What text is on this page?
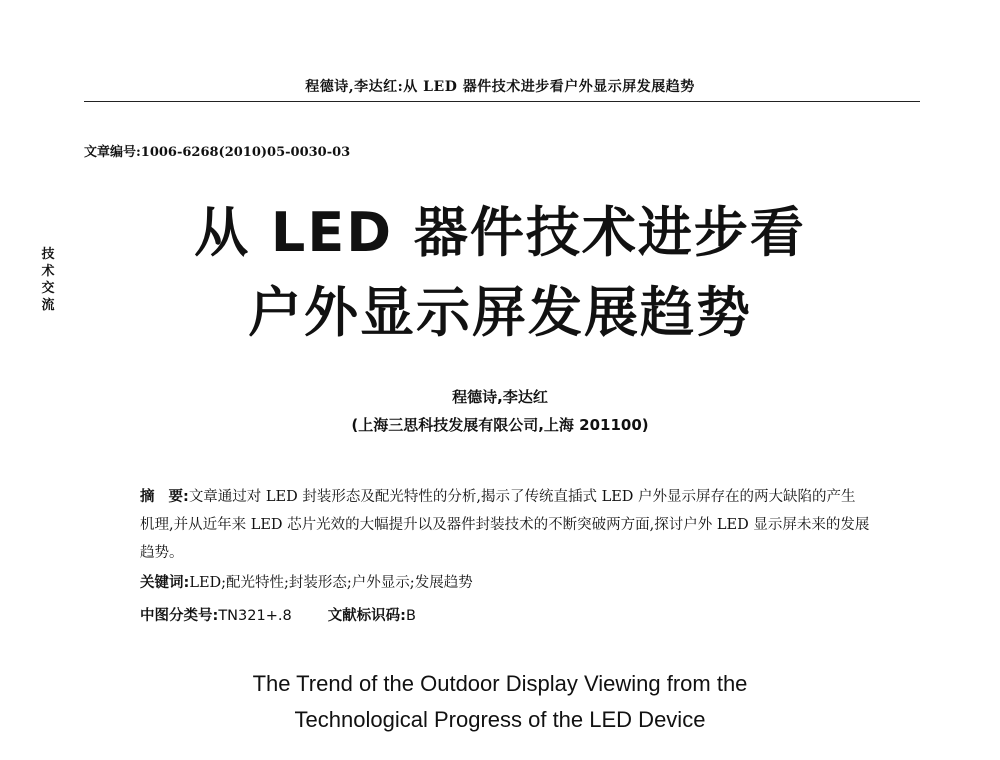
程德诗,李达红:从 LED 器件技术进步看户外显示屏发展趋势
文章编号:1006-6268(2010)05-0030-03
技术交流
从 LED 器件技术进步看
户外显示屏发展趋势
程德诗,李达红
(上海三思科技发展有限公司,上海 201100)
摘 要:文章通过对 LED 封装形态及配光特性的分析,揭示了传统直插式 LED 户外显示屏存在的两大缺陷的产生机理,并从近年来 LED 芯片光效的大幅提升以及器件封装技术的不断突破两方面,探讨户外 LED 显示屏未来的发展趋势。
关键词:LED;配光特性;封装形态;户外显示;发展趋势
中图分类号:TN321+.8 文献标识码:B
The Trend of the Outdoor Display Viewing from the
Technological Progress of the LED Device
